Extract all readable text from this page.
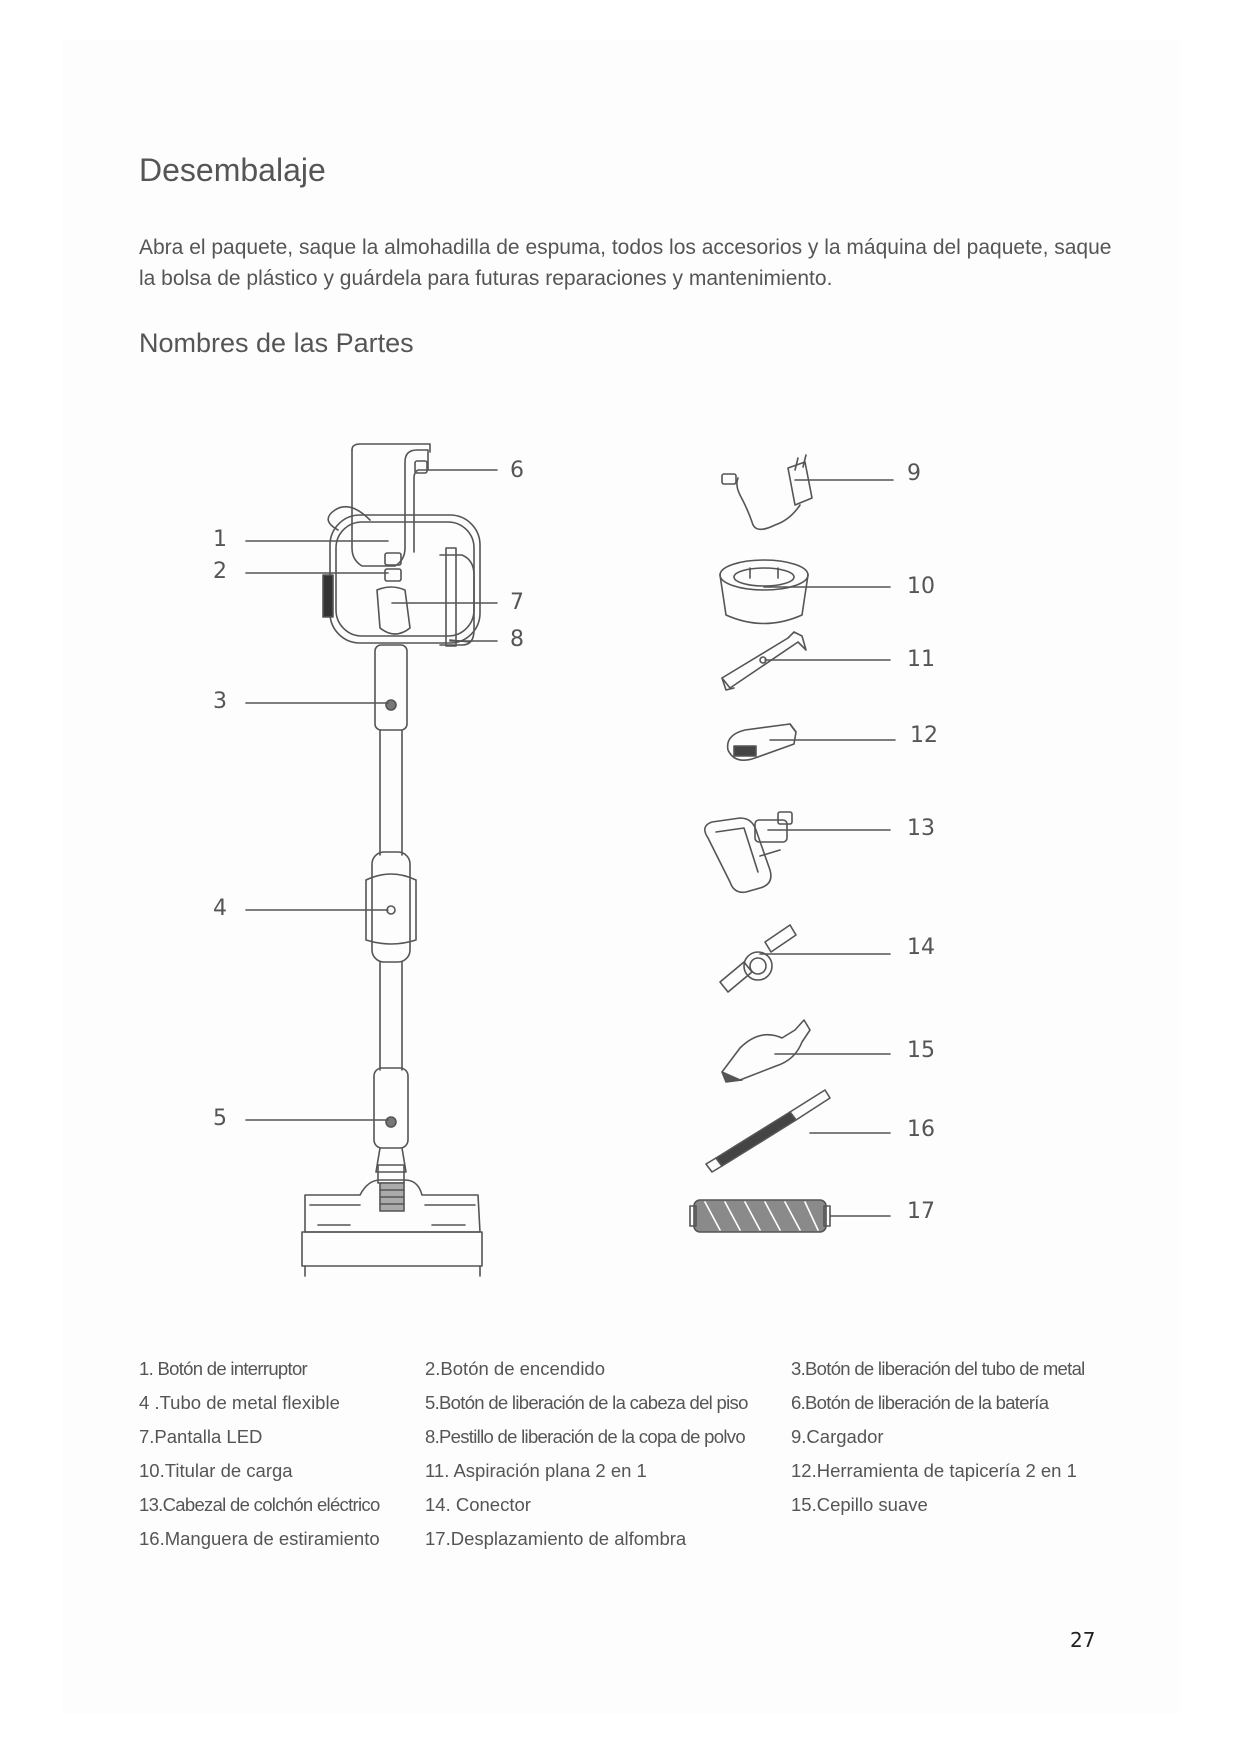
Desembalaje

Abra el paquete, saque la almohadilla de espuma, todos los accesorios y la máquina del paquete, saque la bolsa de plástico y guárdela para futuras reparaciones y mantenimiento.

Nombres de las Partes
1
2
3
4
5
6
7
8
9
10
11
12
13
14
15
16
17
1. Botón de interruptor	2.Botón de encendido	3.Botón de liberación del tubo de metal
4 .Tubo de metal flexible	5.Botón de liberación de la cabeza del piso	6.Botón de liberación de la batería
7.Pantalla LED	8.Pestillo de liberación de la copa de polvo	9.Cargador
10.Titular de carga	11. Aspiración plana 2 en 1	12.Herramienta de tapicería 2 en 1
13.Cabezal de colchón eléctrico	14. Conector	15.Cepillo suave
16.Manguera de estiramiento	17.Desplazamiento de alfombra
27
